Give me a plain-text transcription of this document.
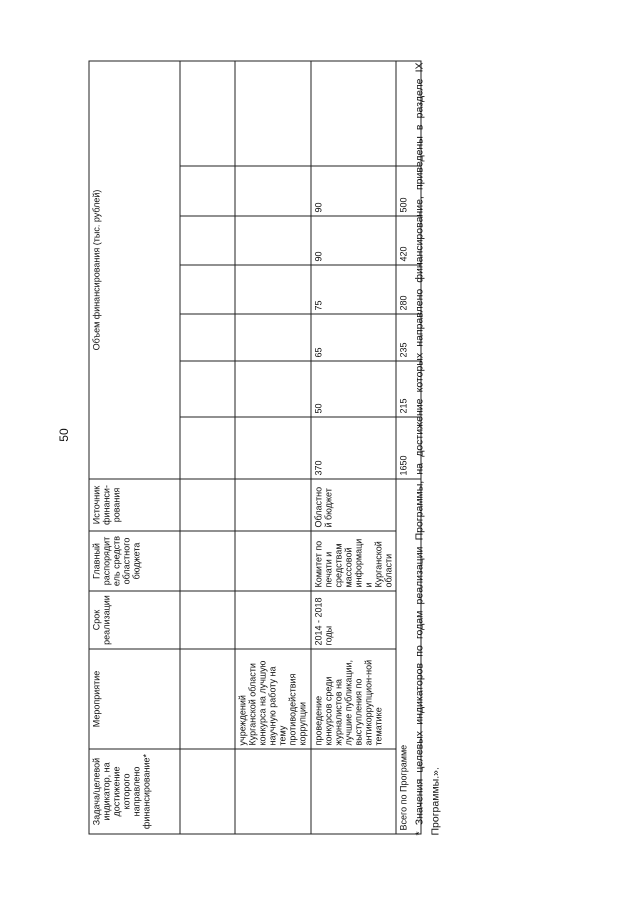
50
Задача/целевой индикатор, на достижение которого направлено финансирование*	Мероприятие	Срок реализации	Главный распорядитель средств областного бюджета	Источник финанси-рования	Объем финансирования (тыс. рублей)						

	учреждений Курганской области конкурса на лучшую научную работу на тему противодействия коррупции										
	проведение конкурсов среди журналистов на лучшие публикации, выступления по антикоррупцион-ной тематике	2014 - 2018 годы	Комитет по печати и средствам массовой информации Курганской области	Областной бюджет	370	50	65	75	90	90	
Всего по Программе					1650	215	235	280	420	500	* Значения целевых индикаторов по годам реализации Программы, на достижение которых направлено финансирование, приведены в разделе IX Программы.».
